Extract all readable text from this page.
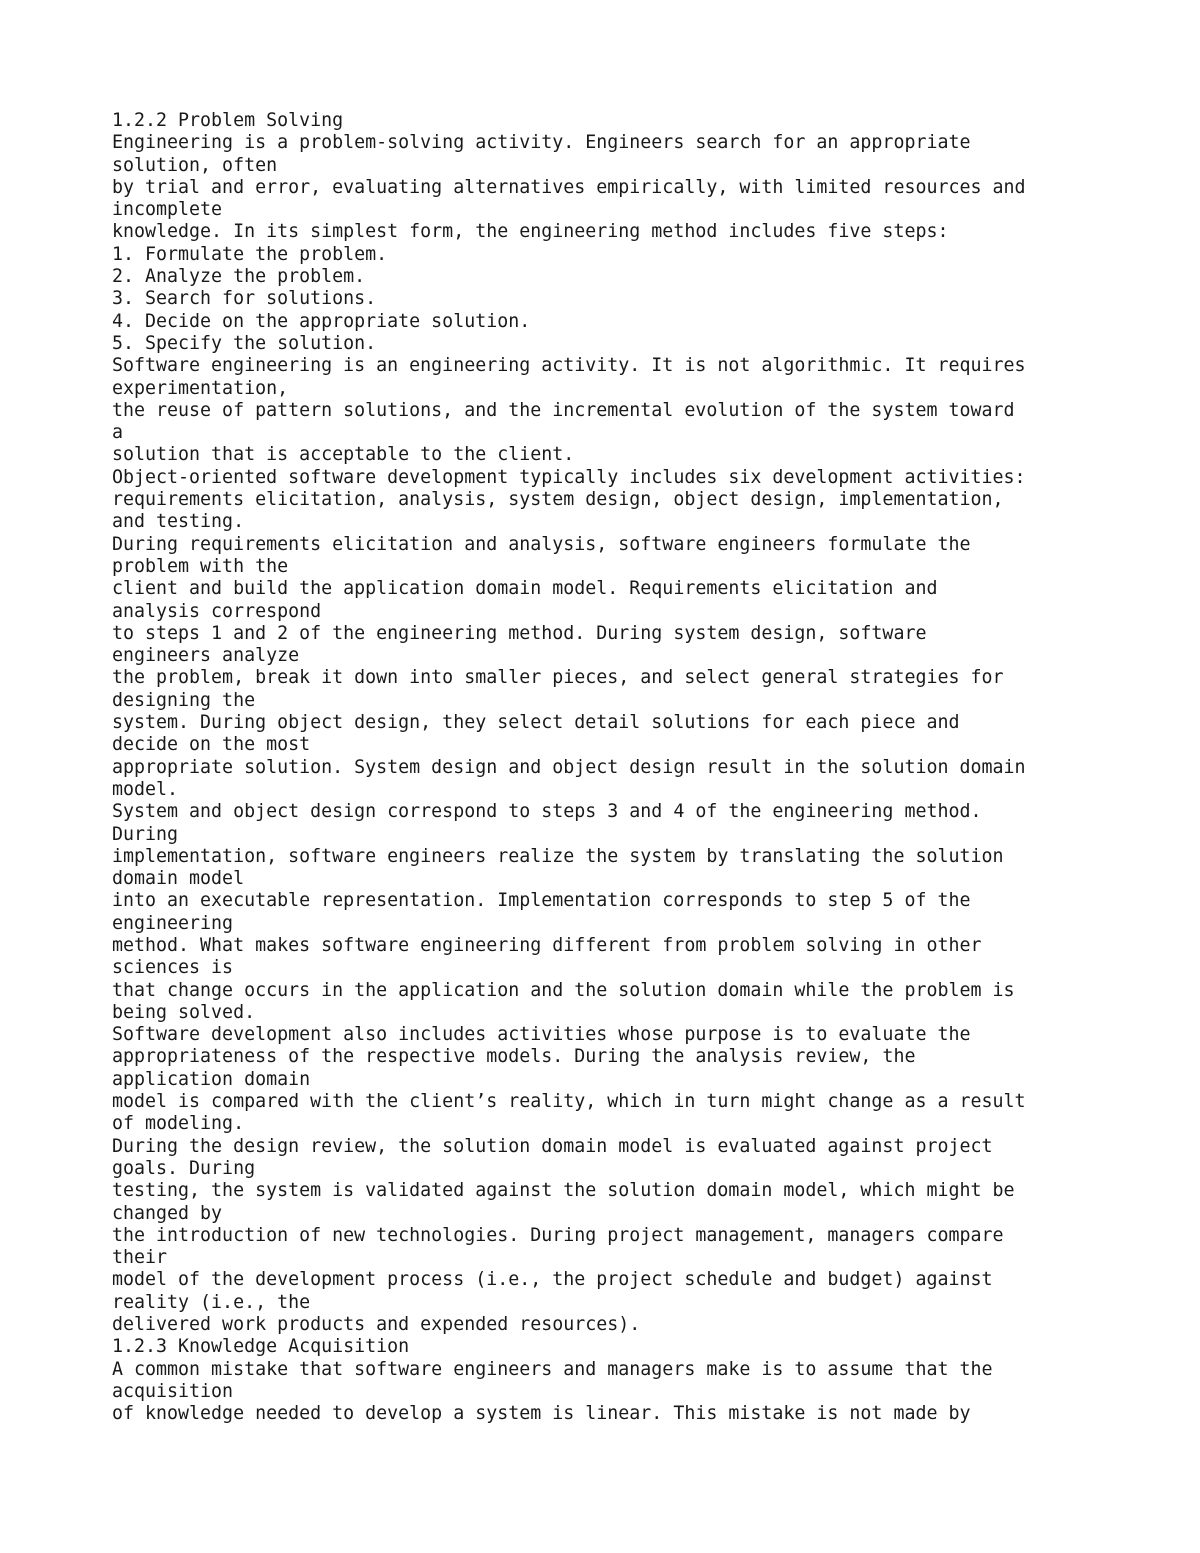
1.2.2 Problem Solving
Engineering is a problem-solving activity. Engineers search for an appropriate
solution, often
by trial and error, evaluating alternatives empirically, with limited resources and
incomplete
knowledge. In its simplest form, the engineering method includes five steps:
1. Formulate the problem.
2. Analyze the problem.
3. Search for solutions.
4. Decide on the appropriate solution.
5. Specify the solution.
Software engineering is an engineering activity. It is not algorithmic. It requires
experimentation,
the reuse of pattern solutions, and the incremental evolution of the system toward
a
solution that is acceptable to the client.
Object-oriented software development typically includes six development activities:
requirements elicitation, analysis, system design, object design, implementation,
and testing.
During requirements elicitation and analysis, software engineers formulate the
problem with the
client and build the application domain model. Requirements elicitation and
analysis correspond
to steps 1 and 2 of the engineering method. During system design, software
engineers analyze
the problem, break it down into smaller pieces, and select general strategies for
designing the
system. During object design, they select detail solutions for each piece and
decide on the most
appropriate solution. System design and object design result in the solution domain
model.
System and object design correspond to steps 3 and 4 of the engineering method.
During
implementation, software engineers realize the system by translating the solution
domain model
into an executable representation. Implementation corresponds to step 5 of the
engineering
method. What makes software engineering different from problem solving in other
sciences is
that change occurs in the application and the solution domain while the problem is
being solved.
Software development also includes activities whose purpose is to evaluate the
appropriateness of the respective models. During the analysis review, the
application domain
model is compared with the client’s reality, which in turn might change as a result
of modeling.
During the design review, the solution domain model is evaluated against project
goals. During
testing, the system is validated against the solution domain model, which might be
changed by
the introduction of new technologies. During project management, managers compare
their
model of the development process (i.e., the project schedule and budget) against
reality (i.e., the
delivered work products and expended resources).
1.2.3 Knowledge Acquisition
A common mistake that software engineers and managers make is to assume that the
acquisition
of knowledge needed to develop a system is linear. This mistake is not made by
